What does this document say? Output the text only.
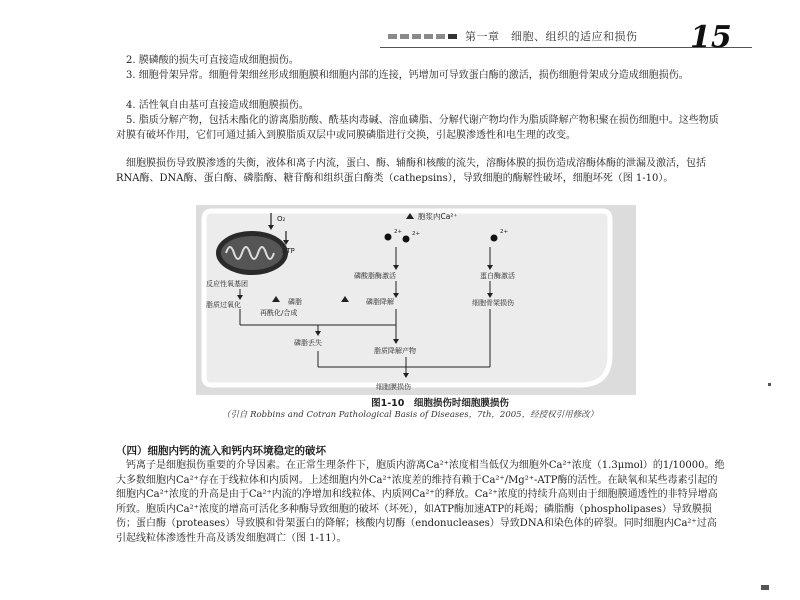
第一章　细胞、组织的适应和损伤 15

2. 膜磷酸的损失可直接造成细胞损伤。

3. 细胞骨架异常。细胞骨架细丝形成细胞膜和细胞内部的连接，钙增加可导致蛋白酶的激活，损伤细胞骨架成分造成细胞损伤。

4. 活性氧自由基可直接造成细胞膜损伤。

5. 脂质分解产物，包括未酯化的游离脂肪酸、酰基肉毒碱、溶血磷脂、分解代谢产物均作为脂质降解产物积聚在损伤细胞中。这些物质对膜有破坏作用，它们可通过插入到膜脂质双层中或同膜磷脂进行交换，引起膜渗透性和电生理的改变。

细胞膜损伤导致膜渗透的失衡，液体和离子内流，蛋白、酶、辅酶和核酸的流失，溶酶体膜的损伤造成溶酶体酶的泄漏及激活，包括RNA酶、DNA酶、蛋白酶、磷脂酶、糖苷酶和组织蛋白酶类（cathepsins），导致细胞的酶解性破坏，细胞坏死（图 1-10）。

ATP
O₂	胞浆内Ca²⁺
2+ 2+	2+
磷酸脂酶激活	蛋白酶激活
反应性氧基团
脂质过氧化	磷脂
再酰化/合成
磷脂降解	细胞骨架损伤
磷脂丢失
脂质降解产物
细胞膜损伤
图1-10　细胞损伤时细胞膜损伤
（引自 Robbins and Cotran Pathological Basis of Diseases，7th，2005，经授权引用修改）
（四）细胞内钙的流入和钙内环境稳定的破坏

钙离子是细胞损伤重要的介导因素。在正常生理条件下，胞质内游离Ca²⁺浓度相当低仅为细胞外Ca²⁺浓度（1.3μmol）的1/10000。绝大多数细胞内Ca²⁺存在于线粒体和内质网。上述细胞内外Ca²⁺浓度差的维持有赖于Ca²⁺/Mg²⁺-ATP酶的活性。在缺氧和某些毒素引起的细胞内Ca²⁺浓度的升高是由于Ca²⁺内流的净增加和线粒体、内质网Ca²⁺的释放。Ca²⁺浓度的持续升高则由于细胞膜通透性的非特异增高所致。胞质内Ca²⁺浓度的增高可活化多种酶导致细胞的破坏（坏死），如ATP酶加速ATP的耗竭；磷脂酶（phospholipases）导致膜损伤；蛋白酶（proteases）导致膜和骨架蛋白的降解；核酸内切酶（endonucleases）导致DNA和染色体的碎裂。同时细胞内Ca²⁺过高引起线粒体渗透性升高及诱发细胞凋亡（图 1-11）。
